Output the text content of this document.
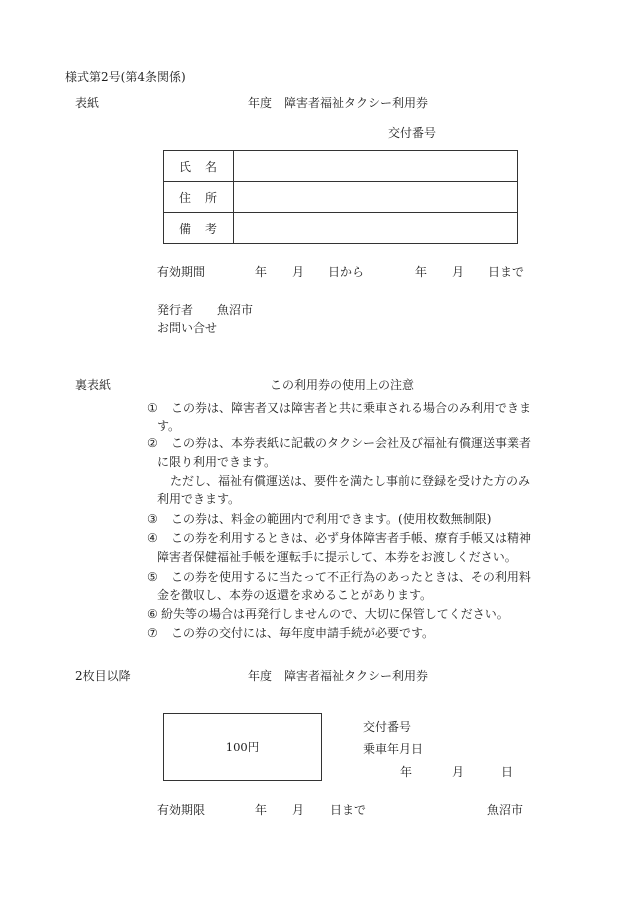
様式第2号(第4条関係)
表紙	年度　障害者福祉タクシー利用券
交付番号
氏　名
住　所
備　考
有効期間	年 月 日から	年 月 日まで
発行者 魚沼市
お問い合せ
裏表紙	この利用券の使用上の注意
① この券は、障害者又は障害者と共に乗車される場合のみ利用できま
す。
② この券は、本券表紙に記載のタクシー会社及び福祉有償運送事業者
に限り利用できます。
ただし、福祉有償運送は、要件を満たし事前に登録を受けた方のみ
利用できます。
③ この券は、料金の範囲内で利用できます。(使用枚数無制限)
④ この券を利用するときは、必ず身体障害者手帳、療育手帳又は精神
障害者保健福祉手帳を運転手に提示して、本券をお渡しください。
⑤ この券を使用するに当たって不正行為のあったときは、その利用料
金を徴収し、本券の返還を求めることがあります。
⑥ 紛失等の場合は再発行しませんので、大切に保管してください。
⑦ この券の交付には、毎年度申請手続が必要です。
2枚目以降	年度　障害者福祉タクシー利用券
100円
交付番号
乗車年月日
年	月	日
有効期限	年 月 日まで	魚沼市
